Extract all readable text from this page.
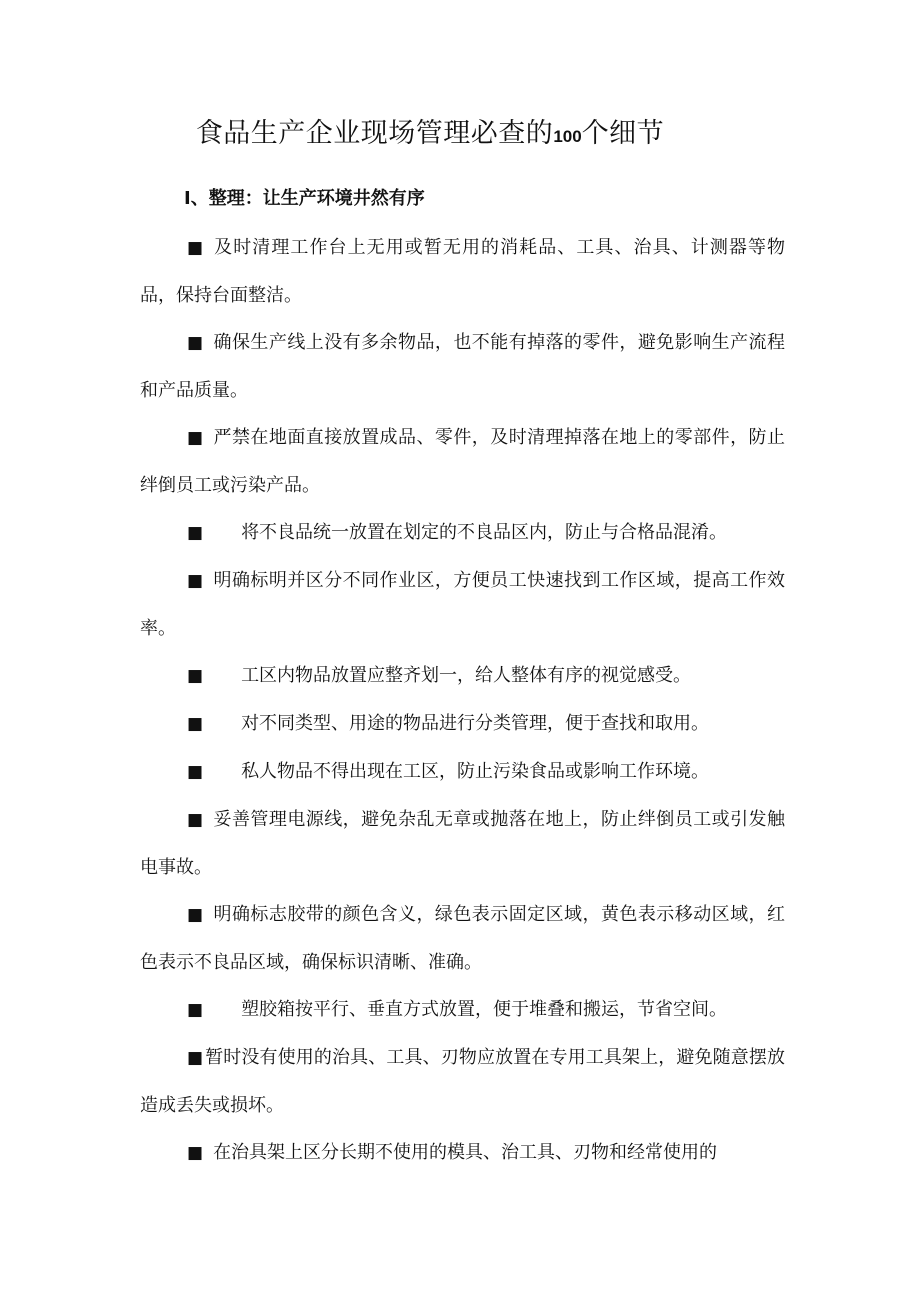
食品生产企业现场管理必查的100个细节
I、整理：让生产环境井然有序

■ 及时清理工作台上无用或暂无用的消耗品、工具、治具、计测器等物品，保持台面整洁。

■ 确保生产线上没有多余物品，也不能有掉落的零件，避免影响生产流程和产品质量。

■ 严禁在地面直接放置成品、零件，及时清理掉落在地上的零部件，防止绊倒员工或污染产品。

■ 将不良品统一放置在划定的不良品区内，防止与合格品混淆。

■ 明确标明并区分不同作业区，方便员工快速找到工作区域，提高工作效率。

■ 工区内物品放置应整齐划一，给人整体有序的视觉感受。

■ 对不同类型、用途的物品进行分类管理，便于查找和取用。

■ 私人物品不得出现在工区，防止污染食品或影响工作环境。

■ 妥善管理电源线，避免杂乱无章或抛落在地上，防止绊倒员工或引发触电事故。

■ 明确标志胶带的颜色含义，绿色表示固定区域，黄色表示移动区域，红色表示不良品区域，确保标识清晰、准确。

■ 塑胶箱按平行、垂直方式放置，便于堆叠和搬运，节省空间。

■ 暂时没有使用的治具、工具、刃物应放置在专用工具架上，避免随意摆放造成丢失或损坏。

■ 在治具架上区分长期不使用的模具、治工具、刃物和经常使用的
